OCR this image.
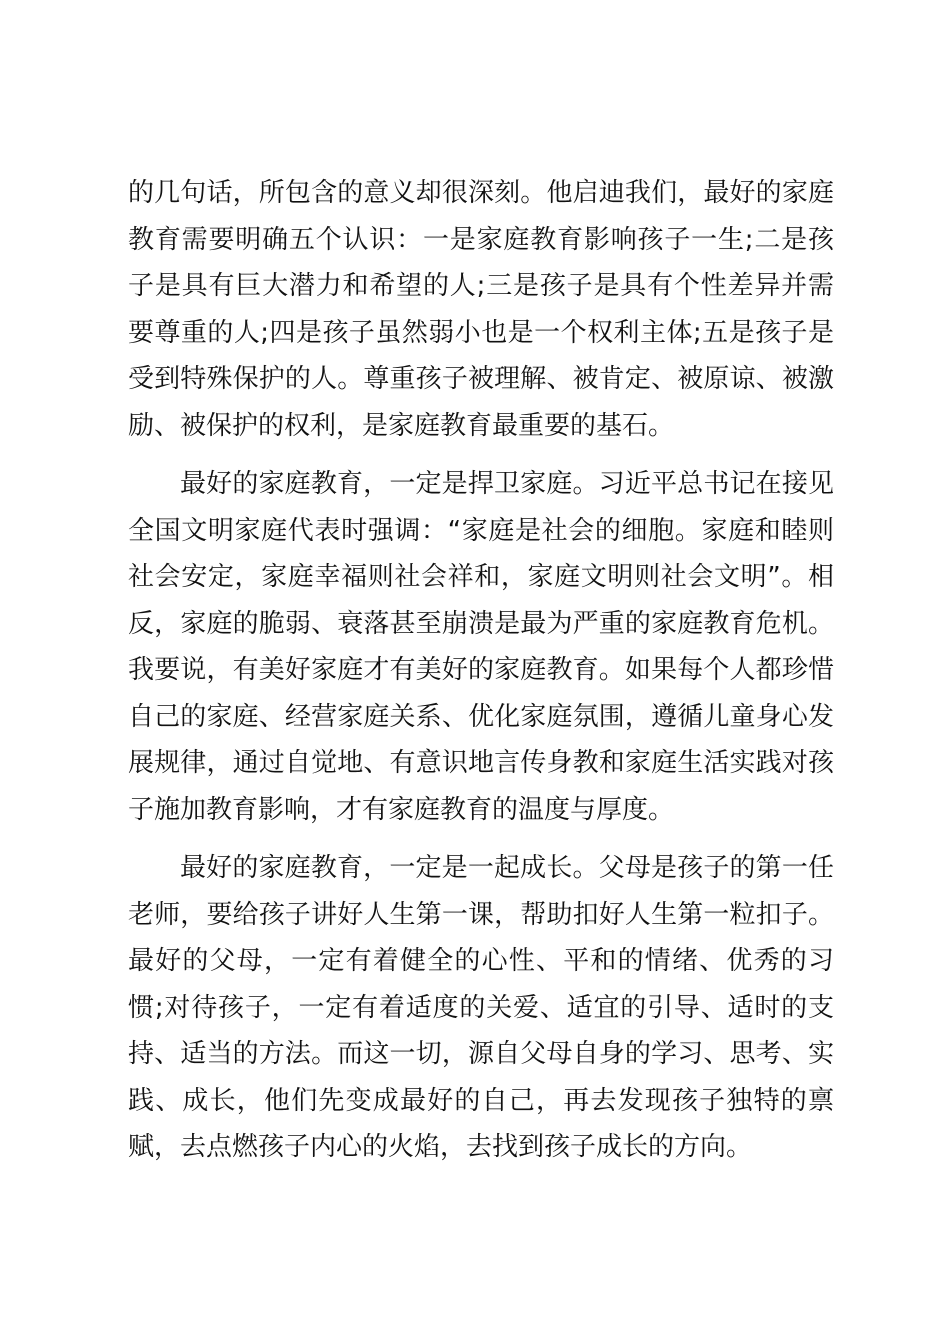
的几句话，所包含的意义却很深刻。他启迪我们，最好的家庭教育需要明确五个认识：一是家庭教育影响孩子一生;二是孩子是具有巨大潜力和希望的人;三是孩子是具有个性差异并需要尊重的人;四是孩子虽然弱小也是一个权利主体;五是孩子是受到特殊保护的人。尊重孩子被理解、被肯定、被原谅、被激励、被保护的权利，是家庭教育最重要的基石。

最好的家庭教育，一定是捍卫家庭。习近平总书记在接见全国文明家庭代表时强调：“家庭是社会的细胞。家庭和睦则社会安定，家庭幸福则社会祥和，家庭文明则社会文明”。相反，家庭的脆弱、衰落甚至崩溃是最为严重的家庭教育危机。我要说，有美好家庭才有美好的家庭教育。如果每个人都珍惜自己的家庭、经营家庭关系、优化家庭氛围，遵循儿童身心发展规律，通过自觉地、有意识地言传身教和家庭生活实践对孩子施加教育影响，才有家庭教育的温度与厚度。

最好的家庭教育，一定是一起成长。父母是孩子的第一任老师，要给孩子讲好人生第一课，帮助扣好人生第一粒扣子。最好的父母，一定有着健全的心性、平和的情绪、优秀的习惯;对待孩子，一定有着适度的关爱、适宜的引导、适时的支持、适当的方法。而这一切，源自父母自身的学习、思考、实践、成长，他们先变成最好的自己，再去发现孩子独特的禀赋，去点燃孩子内心的火焰，去找到孩子成长的方向。
